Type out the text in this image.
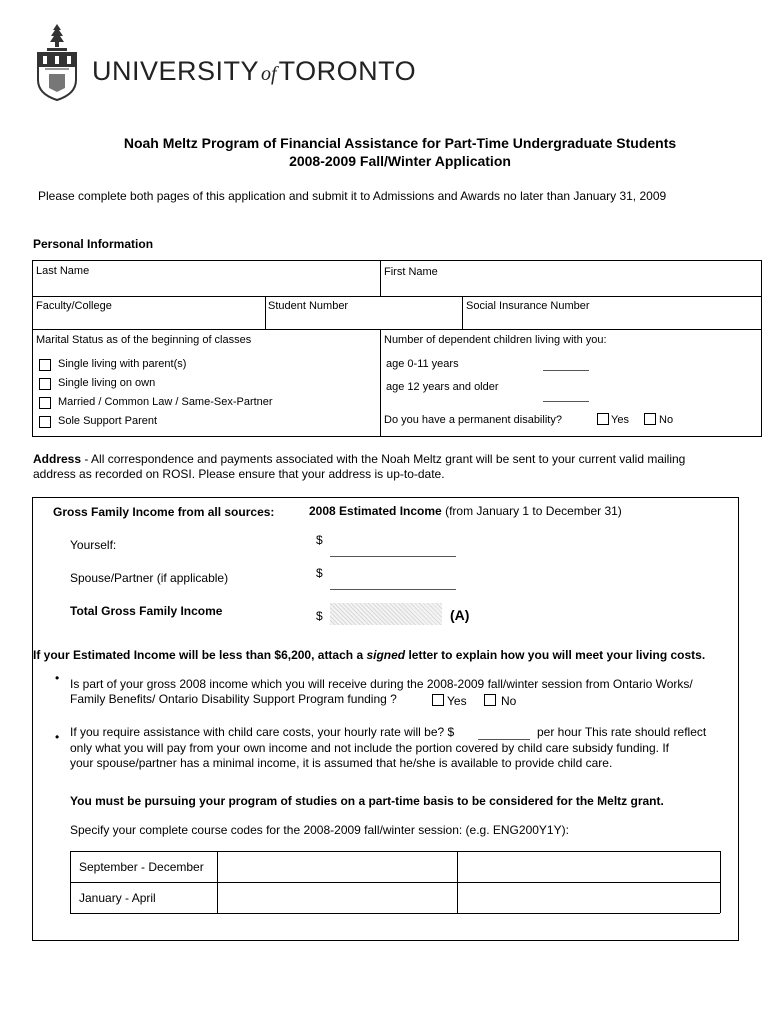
UNIVERSITY ofTORONTO
Noah Meltz Program of Financial Assistance for Part-Time Undergraduate Students
2008-2009 Fall/Winter Application
Please complete both pages of this application and submit it to Admissions and Awards no later than January 31, 2009
Personal Information
Last Name	First Name
Faculty/College	Student Number	Social Insurance Number
Marital Status as of the beginning of classes
Single living with parent(s)
Single living on own
Married / Common Law / Same-Sex-Partner
Sole Support Parent
Number of dependent children living with you:
age 0-11 years
age 12 years and older
Do you have a permanent disability?	Yes	No
Address - All correspondence and payments associated with the Noah Meltz grant will be sent to your current valid mailing
address as recorded on ROSI. Please ensure that your address is up-to-date.
Gross Family Income from all sources:	2008 Estimated Income (from January 1 to December 31)
Yourself:	$
Spouse/Partner (if applicable)	$
Total Gross Family Income	$	(A)
If your Estimated Income will be less than $6,200, attach a signed letter to explain how you will meet your living costs.
• Is part of your gross 2008 income which you will receive during the 2008-2009 fall/winter session from Ontario Works/
Family Benefits/ Ontario Disability Support Program funding ?	Yes	No
• If you require assistance with child care costs, your hourly rate will be? $	per hour This rate should reflect
only what you will pay from your own income and not include the portion covered by child care subsidy funding. If
your spouse/partner has a minimal income, it is assumed that he/she is available to provide child care.
You must be pursuing your program of studies on a part-time basis to be considered for the Meltz grant.
Specify your complete course codes for the 2008-2009 fall/winter session: (e.g. ENG200Y1Y):
September - December
January - April
